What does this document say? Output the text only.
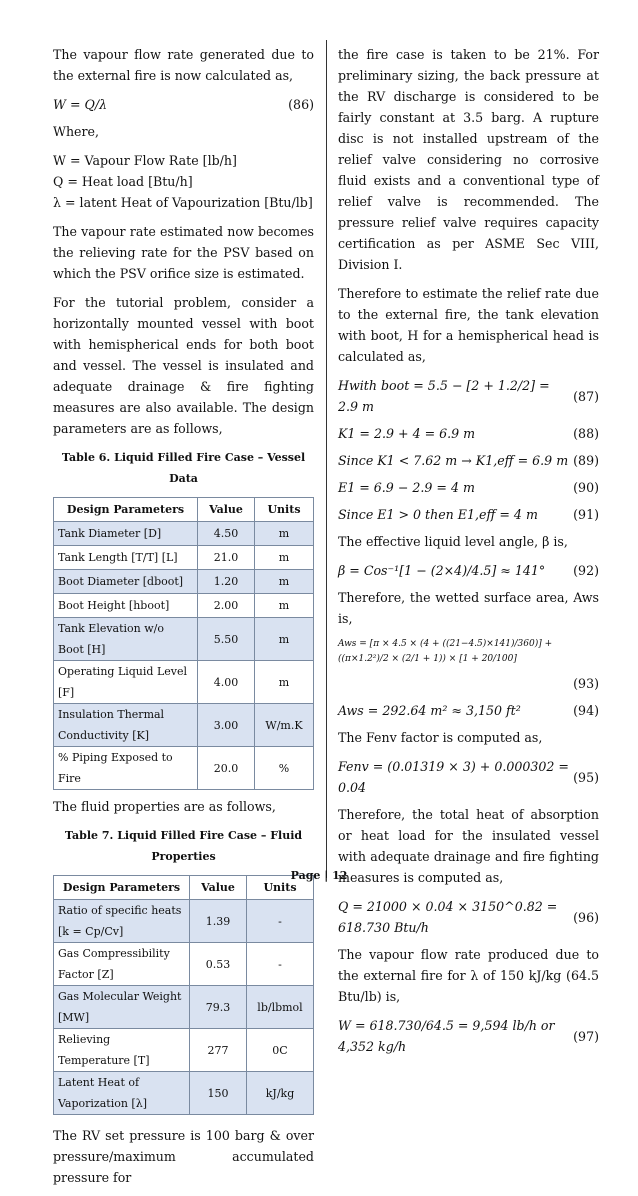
The vapour flow rate generated due to the external fire is now calculated as,

W = Q/λ	(86)

Where,

W = Vapour Flow Rate [lb/h]

Q = Heat load [Btu/h]

λ = latent Heat of Vapourization [Btu/lb]

The vapour rate estimated now becomes the relieving rate for the PSV based on which the PSV orifice size is estimated.

For the tutorial problem, consider a horizontally mounted vessel with boot with hemispherical ends for both boot and vessel. The vessel is insulated and adequate drainage & fire fighting measures are also available. The design parameters are as follows,

Table 6. Liquid Filled Fire Case – Vessel Data
Design Parameters	Value	Units
Tank Diameter [D]	4.50	m
Tank Length [T/T] [L]	21.0	m
Boot Diameter [dboot]	1.20	m
Boot Height [hboot]	2.00	m
Tank Elevation w/o Boot [H]	5.50	m
Operating Liquid Level [F]	4.00	m
Insulation Thermal Conductivity [K]	3.00	W/m.K
% Piping Exposed to Fire	20.0	%

The fluid properties are as follows,

Table 7. Liquid Filled Fire Case – Fluid Properties
Design Parameters	Value	Units
Ratio of specific heats [k = Cp/Cv]	1.39	-
Gas Compressibility Factor [Z]	0.53	-
Gas Molecular Weight [MW]	79.3	lb/lbmol
Relieving Temperature [T]	277	0C
Latent Heat of Vaporization [λ]	150	kJ/kg

The RV set pressure is 100 barg & over pressure/maximum accumulated pressure for

the fire case is taken to be 21%. For preliminary sizing, the back pressure at the RV discharge is considered to be fairly constant at 3.5 barg. A rupture disc is not installed upstream of the relief valve considering no corrosive fluid exists and a conventional type of relief valve is recommended. The pressure relief valve requires capacity certification as per ASME Sec VIII, Division I.

Therefore to estimate the relief rate due to the external fire, the tank elevation with boot, H for a hemispherical head is calculated as,

Hwith boot = 5.5 − [2 + 1.2/2] = 2.9 m
(87)
K1 = 2.9 + 4 = 6.9 m	(88)
Since K1 < 7.62 m → K1,eff = 6.9 m (89)
E1 = 6.9 − 2.9 = 4 m	(90)
Since E1 > 0 then E1,eff = 4 m	(91)

The effective liquid level angle, β is,

β = Cos⁻¹[1 − (2×4)/4.5] ≈ 141° (92)

Therefore, the wetted surface area, Aws is,

Aws = [π × 4.5 × (4 + ((21−4.5)×141)/360)] + ((π×1.2²)/2 × (2/1 + 1)) × [1 + 20/100]
(93)
Aws = 292.64 m² ≈ 3,150 ft²	(94)

The Fenv factor is computed as,

Fenv = (0.01319 × 3) + 0.000302 = 0.04
(95)

Therefore, the total heat of absorption or heat load for the insulated vessel with adequate drainage and fire fighting measures is computed as,

Q = 21000 × 0.04 × 3150^0.82 = 618.730 Btu/h
(96)

The vapour flow rate produced due to the external fire for λ of 150 kJ/kg (64.5 Btu/lb) is,

W = 618.730/64.5 = 9,594 lb/h or 4,352 kg/h
(97)
Page | 12
